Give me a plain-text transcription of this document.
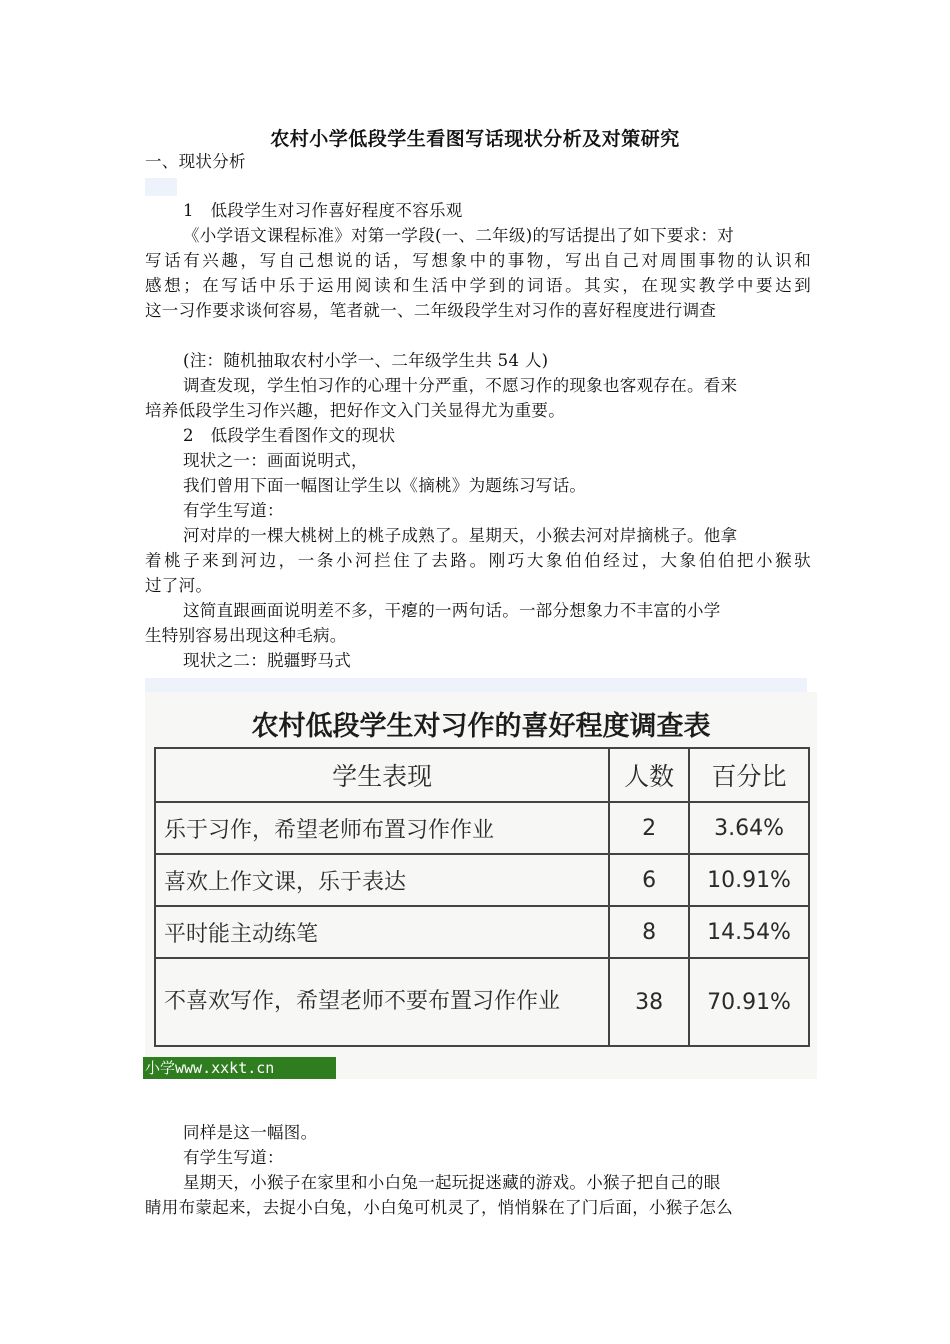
农村小学低段学生看图写话现状分析及对策研究
一、现状分析
1　低段学生对习作喜好程度不容乐观
《小学语文课程标准》对第一学段(一、二年级)的写话提出了如下要求：对
写话有兴趣，写自己想说的话，写想象中的事物，写出自己对周围事物的认识和
感想；在写话中乐于运用阅读和生活中学到的词语。其实，在现实教学中要达到
这一习作要求谈何容易，笔者就一、二年级段学生对习作的喜好程度进行调查
(注：随机抽取农村小学一、二年级学生共 54 人)
调查发现，学生怕习作的心理十分严重，不愿习作的现象也客观存在。看来
培养低段学生习作兴趣，把好作文入门关显得尤为重要。
2　低段学生看图作文的现状
现状之一：画面说明式，
我们曾用下面一幅图让学生以《摘桃》为题练习写话。
有学生写道：
河对岸的一棵大桃树上的桃子成熟了。星期天，小猴去河对岸摘桃子。他拿
着桃子来到河边，一条小河拦住了去路。刚巧大象伯伯经过，大象伯伯把小猴驮
过了河。
这简直跟画面说明差不多，干瘪的一两句话。一部分想象力不丰富的小学
生特别容易出现这种毛病。
现状之二：脱疆野马式
农村低段学生对习作的喜好程度调查表
学生表现	人数	百分比
乐于习作，希望老师布置习作作业	2	3.64%
喜欢上作文课，乐于表达	6	10.91%
平时能主动练笔	8	14.54%
不喜欢写作，希望老师不要布置习作作业	38	70.91%
小学www.xxkt.cn
同样是这一幅图。
有学生写道：
星期天，小猴子在家里和小白兔一起玩捉迷藏的游戏。小猴子把自己的眼
睛用布蒙起来，去捉小白兔，小白兔可机灵了，悄悄躲在了门后面，小猴子怎么
